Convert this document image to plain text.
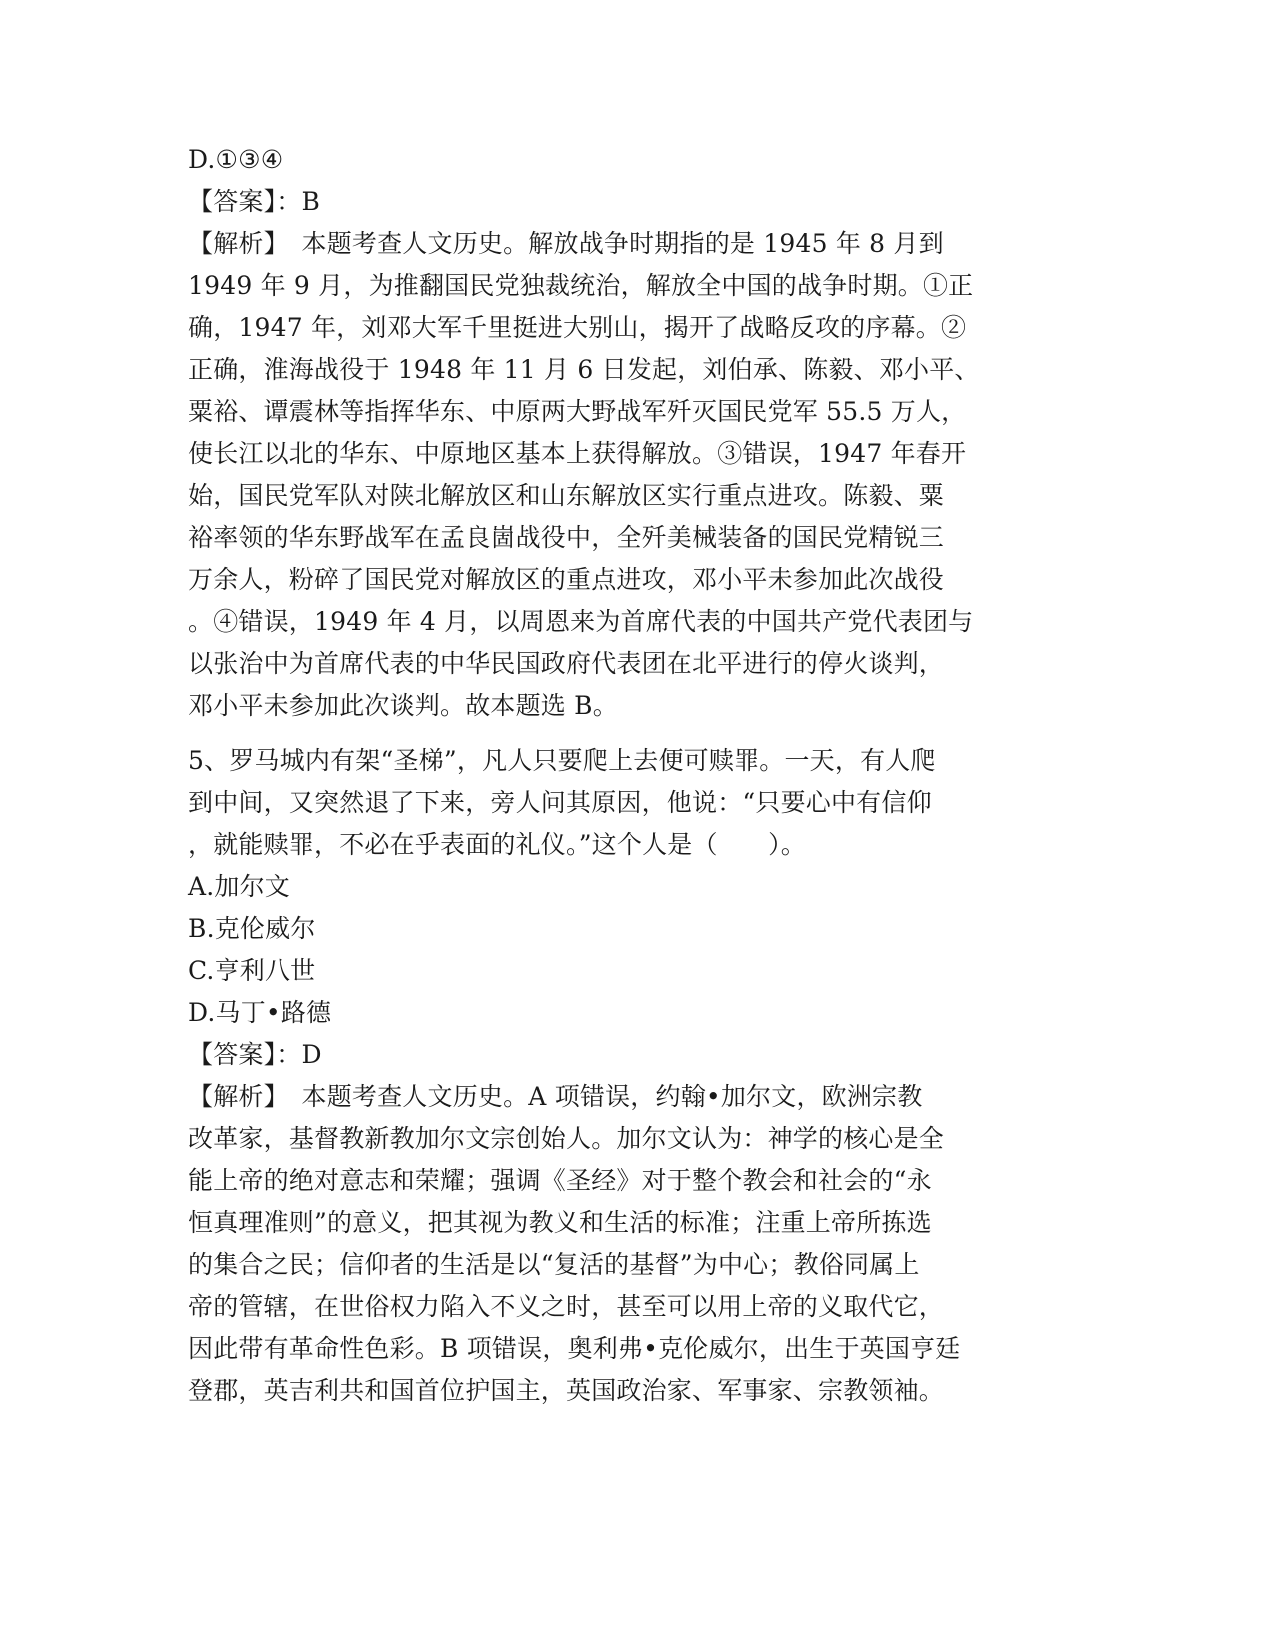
D.①③④
【答案】：B
【解析】　本题考查人文历史。解放战争时期指的是 1945 年 8 月到
1949 年 9 月，为推翻国民党独裁统治，解放全中国的战争时期。①正
确，1947 年，刘邓大军千里挺进大别山，揭开了战略反攻的序幕。②
正确，淮海战役于 1948 年 11 月 6 日发起，刘伯承、陈毅、邓小平、
粟裕、谭震林等指挥华东、中原两大野战军歼灭国民党军 55.5 万人，
使长江以北的华东、中原地区基本上获得解放。③错误，1947 年春开
始，国民党军队对陕北解放区和山东解放区实行重点进攻。陈毅、粟
裕率领的华东野战军在孟良崮战役中，全歼美械装备的国民党精锐三
万余人，粉碎了国民党对解放区的重点进攻，邓小平未参加此次战役
。④错误，1949 年 4 月，以周恩来为首席代表的中国共产党代表团与
以张治中为首席代表的中华民国政府代表团在北平进行的停火谈判，
邓小平未参加此次谈判。故本题选 B。
5、罗马城内有架“圣梯”，凡人只要爬上去便可赎罪。一天，有人爬
到中间，又突然退了下来，旁人问其原因，他说：“只要心中有信仰
，就能赎罪，不必在乎表面的礼仪。”这个人是（　　）。
A.加尔文
B.克伦威尔
C.亨利八世
D.马丁•路德
【答案】：D
【解析】　本题考查人文历史。A 项错误，约翰•加尔文，欧洲宗教
改革家，基督教新教加尔文宗创始人。加尔文认为：神学的核心是全
能上帝的绝对意志和荣耀；强调《圣经》对于整个教会和社会的“永
恒真理准则”的意义，把其视为教义和生活的标准；注重上帝所拣选
的集合之民；信仰者的生活是以“复活的基督”为中心；教俗同属上
帝的管辖，在世俗权力陷入不义之时，甚至可以用上帝的义取代它，
因此带有革命性色彩。B 项错误，奥利弗•克伦威尔，出生于英国亨廷
登郡，英吉利共和国首位护国主，英国政治家、军事家、宗教领袖。
